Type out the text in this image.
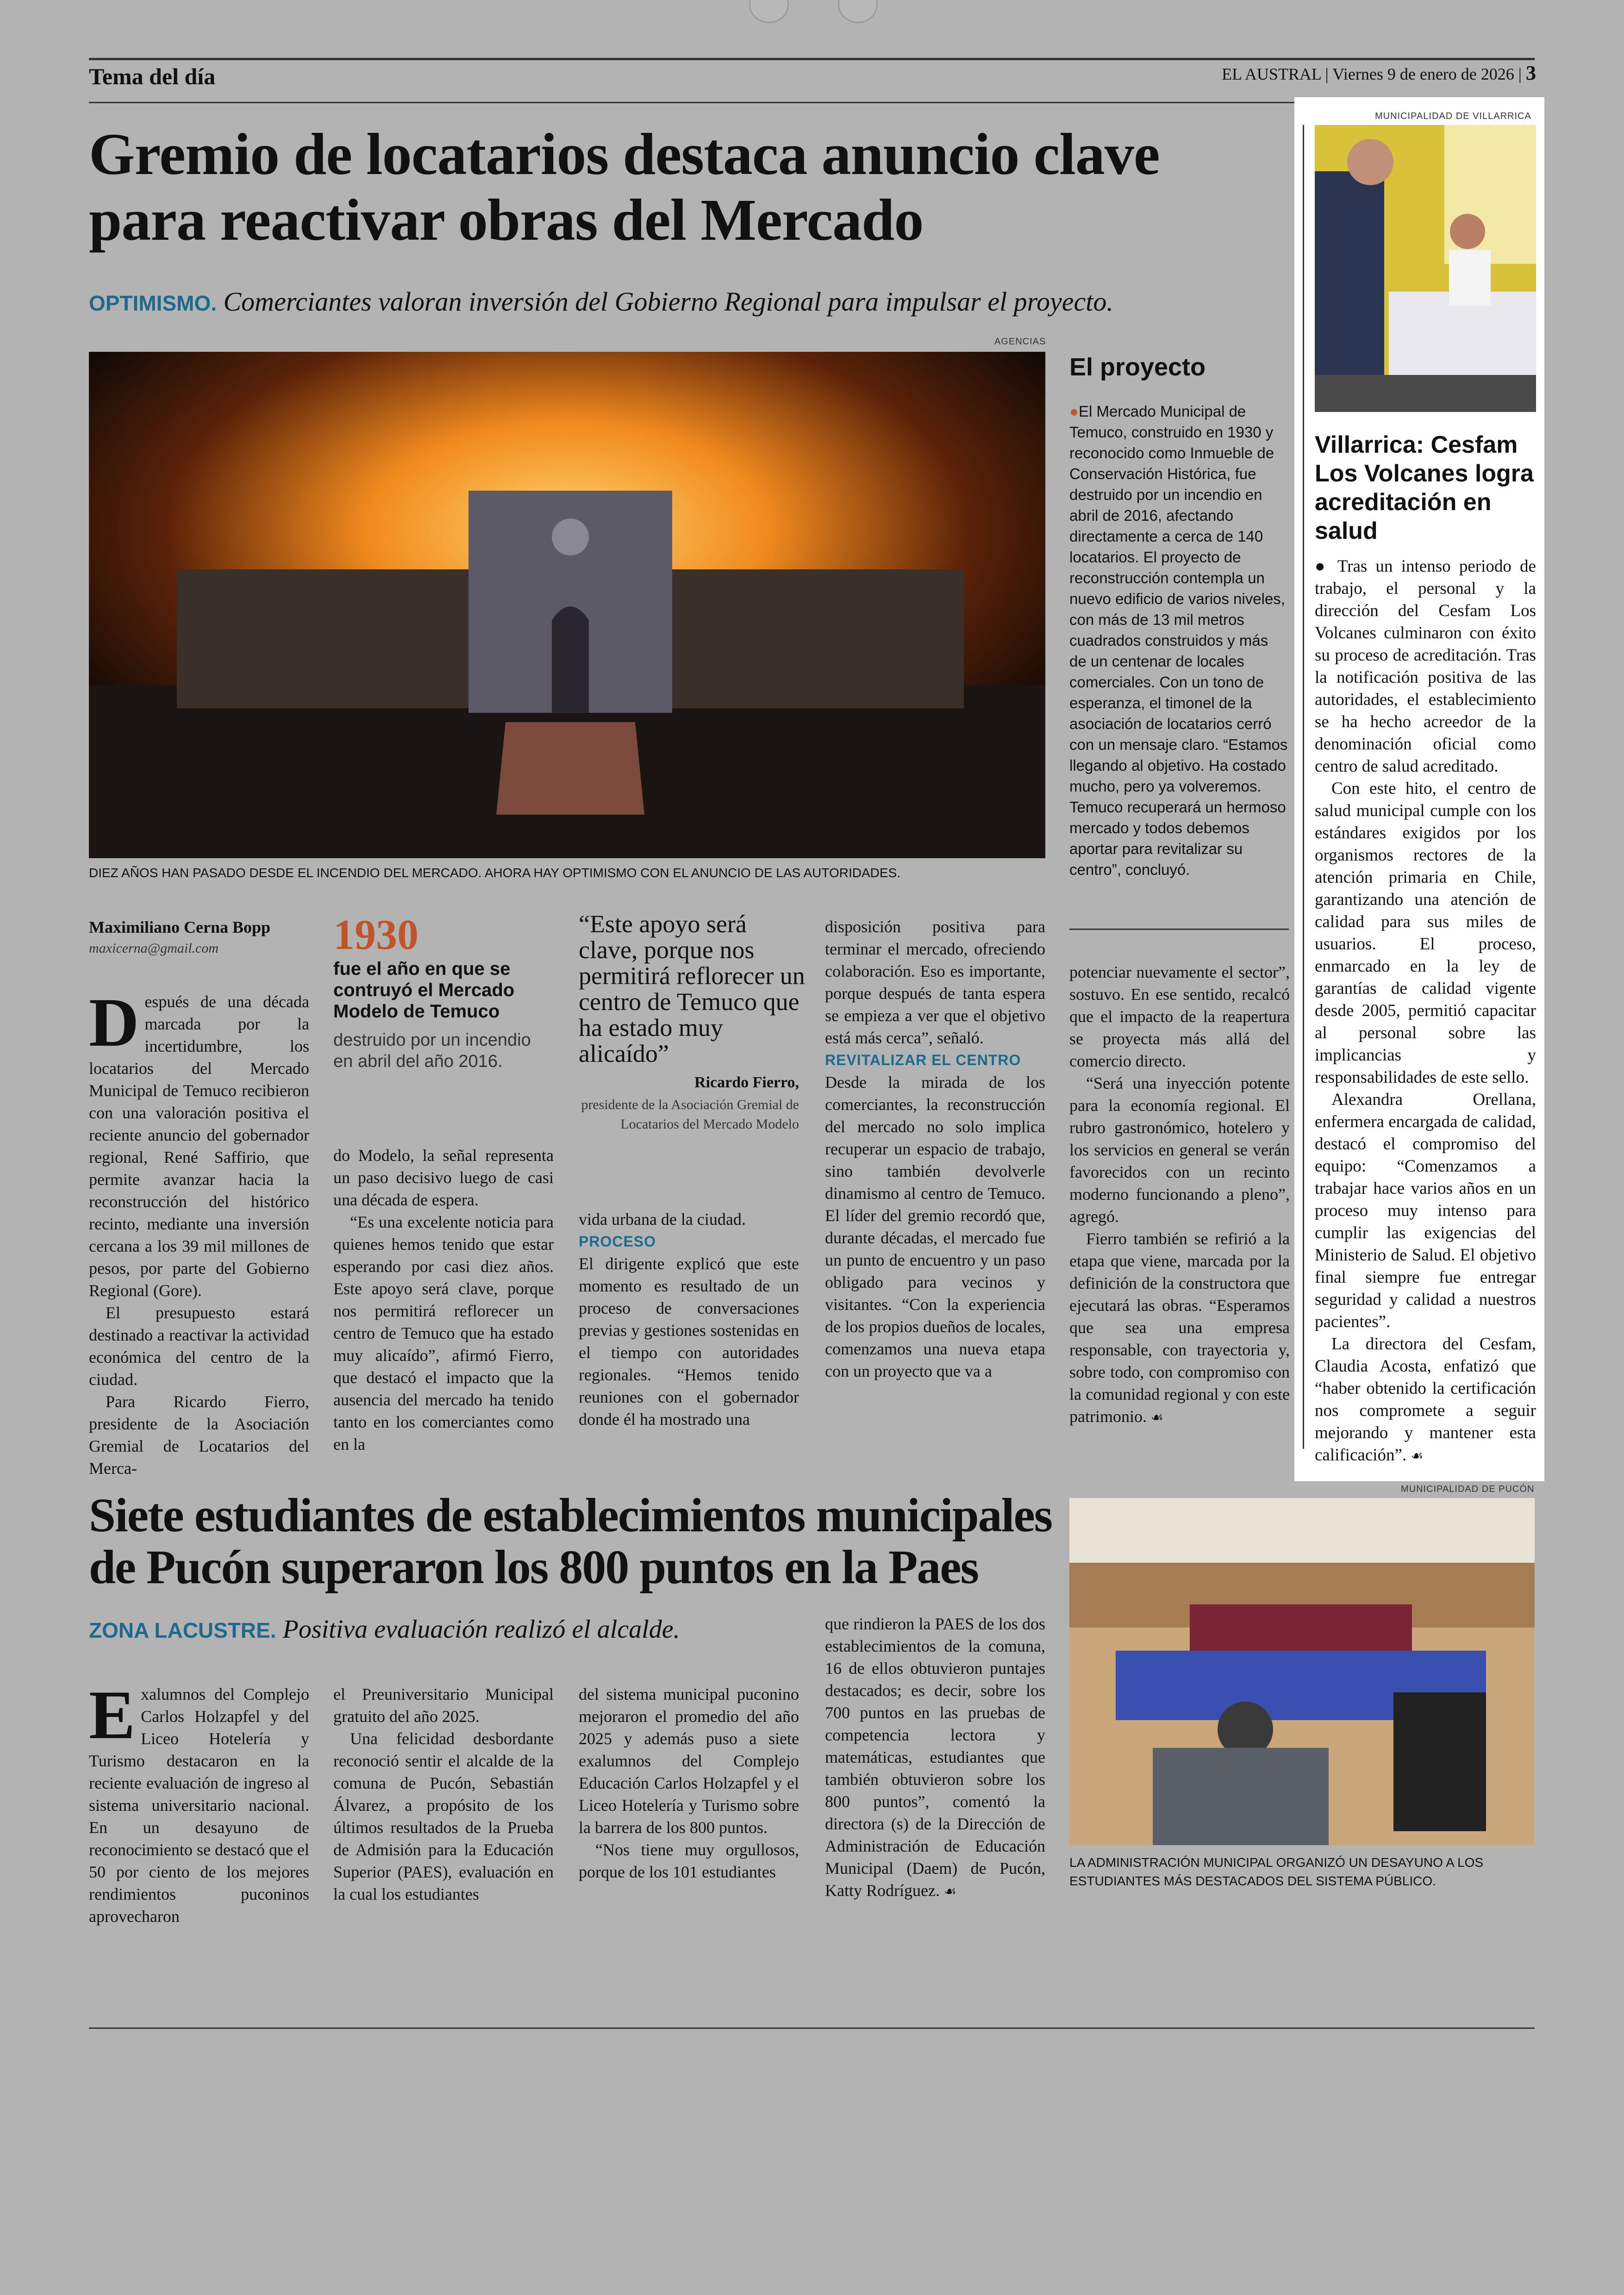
Tema del día	EL AUSTRAL | Viernes 9 de enero de 2026 | 3
Gremio de locatarios destaca anuncio clave para reactivar obras del Mercado
OPTIMISMO. Comerciantes valoran inversión del Gobierno Regional para impulsar el proyecto.
AGENCIAS
DIEZ AÑOS HAN PASADO DESDE EL INCENDIO DEL MERCADO. AHORA HAY OPTIMISMO CON EL ANUNCIO DE LAS AUTORIDADES.
El proyecto
●El Mercado Municipal de Temuco, construido en 1930 y reconocido como Inmueble de Conservación Histórica, fue destruido por un incendio en abril de 2016, afectando directamente a cerca de 140 locatarios. El proyecto de reconstrucción contempla un nuevo edificio de varios niveles, con más de 13 mil metros cuadrados construidos y más de un centenar de locales comerciales. Con un tono de esperanza, el timonel de la asociación de locatarios cerró con un mensaje claro. “Estamos llegando al objetivo. Ha costado mucho, pero ya volveremos. Temuco recuperará un hermoso mercado y todos debemos aportar para revitalizar su centro”, concluyó.
Maximiliano Cerna Bopp
maxicerna@gmail.com

Después de una década marcada por la incertidumbre, los locatarios del Mercado Municipal de Temuco recibieron con una valoración positiva el reciente anuncio del gobernador regional, René Saffirio, que permite avanzar hacia la reconstrucción del histórico recinto, mediante una inversión cercana a los 39 mil millones de pesos, por parte del Gobierno Regional (Gore).

El presupuesto estará destinado a reactivar la actividad económica del centro de la ciudad.

Para Ricardo Fierro, presidente de la Asociación Gremial de Locatarios del Merca-

1930
fue el año en que se contruyó el Mercado Modelo de Temuco
destruido por un incendio en abril del año 2016.

do Modelo, la señal representa un paso decisivo luego de casi una década de espera.

“Es una excelente noticia para quienes hemos tenido que estar esperando por casi diez años. Este apoyo será clave, porque nos permitirá reflorecer un centro de Temuco que ha estado muy alicaído”, afirmó Fierro, que destacó el impacto que la ausencia del mercado ha tenido tanto en los comerciantes como en la

“Este apoyo será clave, porque nos permitirá reflorecer un centro de Temuco que ha estado muy alicaído”
Ricardo Fierro,
presidente de la Asociación Gremial de Locatarios del Mercado Modelo

vida urbana de la ciudad.

PROCESO

El dirigente explicó que este momento es resultado de un proceso de conversaciones previas y gestiones sostenidas en el tiempo con autoridades regionales. “Hemos tenido reuniones con el gobernador donde él ha mostrado una

disposición positiva para terminar el mercado, ofreciendo colaboración. Eso es importante, porque después de tanta espera se empieza a ver que el objetivo está más cerca”, señaló.

REVITALIZAR EL CENTRO

Desde la mirada de los comerciantes, la reconstrucción del mercado no solo implica recuperar un espacio de trabajo, sino también devolverle dinamismo al centro de Temuco. El líder del gremio recordó que, durante décadas, el mercado fue un punto de encuentro y un paso obligado para vecinos y visitantes. “Con la experiencia de los propios dueños de locales, comenzamos una nueva etapa con un proyecto que va a

potenciar nuevamente el sector”, sostuvo. En ese sentido, recalcó que el impacto de la reapertura se proyecta más allá del comercio directo.

“Será una inyección potente para la economía regional. El rubro gastronómico, hotelero y los servicios en general se verán favorecidos con un recinto moderno funcionando a pleno”, agregó.

Fierro también se refirió a la etapa que viene, marcada por la definición de la constructora que ejecutará las obras. “Esperamos que sea una empresa responsable, con trayectoria y, sobre todo, con compromiso con la comunidad regional y con este patrimonio. ☙

MUNICIPALIDAD DE VILLARRICA
Villarrica: Cesfam Los Volcanes logra acreditación en salud

● Tras un intenso periodo de trabajo, el personal y la dirección del Cesfam Los Volcanes culminaron con éxito su proceso de acreditación. Tras la notificación positiva de las autoridades, el establecimiento se ha hecho acreedor de la denominación oficial como centro de salud acreditado.

Con este hito, el centro de salud municipal cumple con los estándares exigidos por los organismos rectores de la atención primaria en Chile, garantizando una atención de calidad para sus miles de usuarios. El proceso, enmarcado en la ley de garantías de calidad vigente desde 2005, permitió capacitar al personal sobre las implicancias y responsabilidades de este sello.

Alexandra Orellana, enfermera encargada de calidad, destacó el compromiso del equipo: “Comenzamos a trabajar hace varios años en un proceso muy intenso para cumplir las exigencias del Ministerio de Salud. El objetivo final siempre fue entregar seguridad y calidad a nuestros pacientes”.

La directora del Cesfam, Claudia Acosta, enfatizó que “haber obtenido la certificación nos compromete a seguir mejorando y mantener esta calificación”. ☙

Siete estudiantes de establecimientos municipales de Pucón superaron los 800 puntos en la Paes
ZONA LACUSTRE. Positiva evaluación realizó el alcalde.

Exalumnos del Complejo Carlos Holzapfel y del Liceo Hotelería y Turismo destacaron en la reciente evaluación de ingreso al sistema universitario nacional. En un desayuno de reconocimiento se destacó que el 50 por ciento de los mejores rendimientos puconinos aprovecharon

el Preuniversitario Municipal gratuito del año 2025.

Una felicidad desbordante reconoció sentir el alcalde de la comuna de Pucón, Sebastián Álvarez, a propósito de los últimos resultados de la Prueba de Admisión para la Educación Superior (PAES), evaluación en la cual los estudiantes

del sistema municipal puconino mejoraron el promedio del año 2025 y además puso a siete exalumnos del Complejo Educación Carlos Holzapfel y el Liceo Hotelería y Turismo sobre la barrera de los 800 puntos.

“Nos tiene muy orgullosos, porque de los 101 estudiantes

que rindieron la PAES de los dos establecimientos de la comuna, 16 de ellos obtuvieron puntajes destacados; es decir, sobre los 700 puntos en las pruebas de competencia lectora y matemáticas, estudiantes que también obtuvieron sobre los 800 puntos”, comentó la directora (s) de la Dirección de Administración de Educación Municipal (Daem) de Pucón, Katty Rodríguez. ☙

MUNICIPALIDAD DE PUCÓN
LA ADMINISTRACIÓN MUNICIPAL ORGANIZÓ UN DESAYUNO A LOS ESTUDIANTES MÁS DESTACADOS DEL SISTEMA PÚBLICO.
